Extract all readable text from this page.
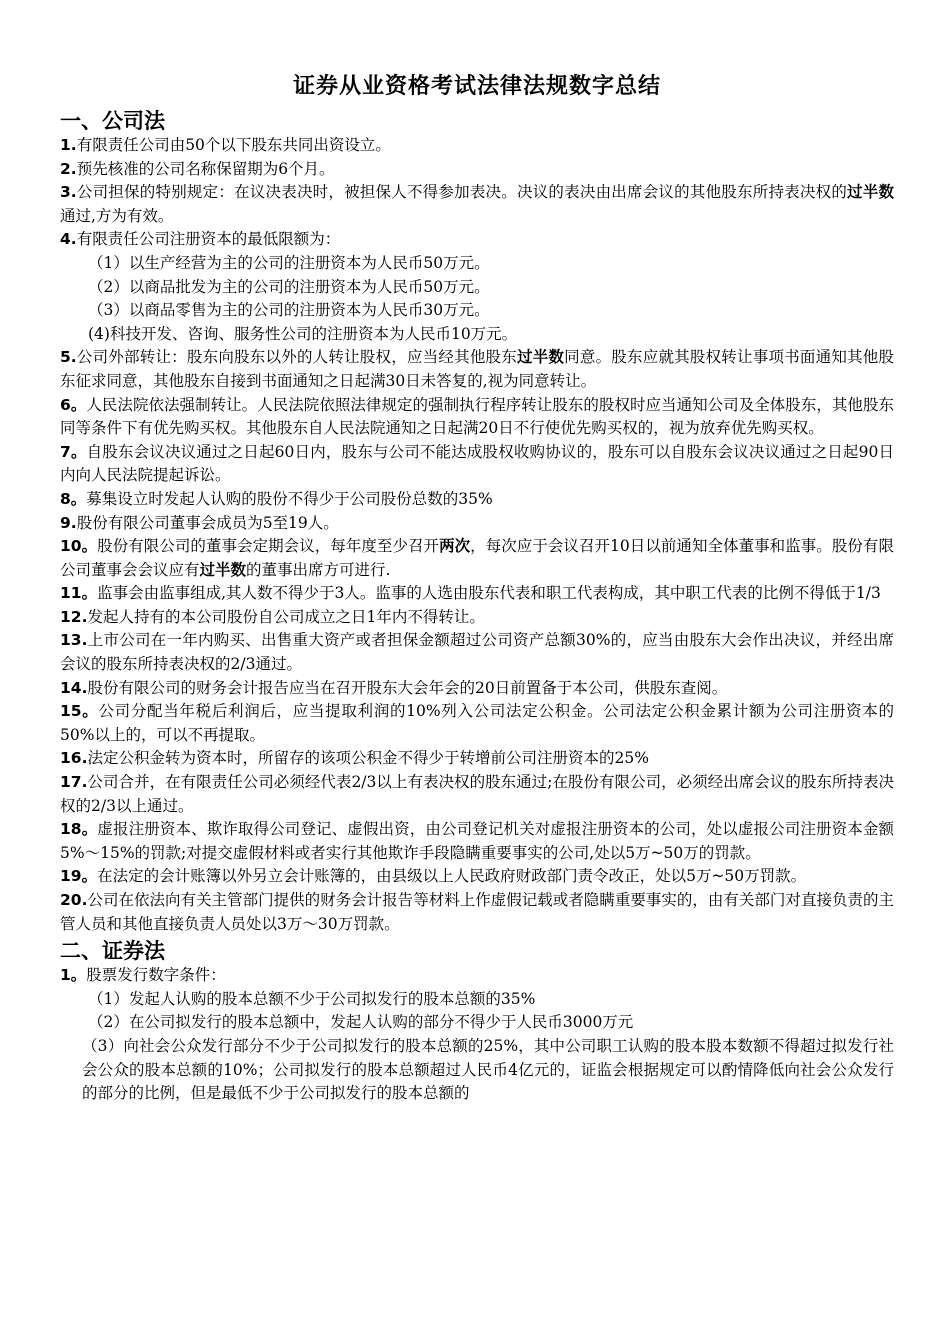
证券从业资格考试法律法规数字总结
一、公司法

1.有限责任公司由50个以下股东共同出资设立。

2.预先核准的公司名称保留期为6个月。

3.公司担保的特别规定：在议决表决时，被担保人不得参加表决。决议的表决由出席会议的其他股东所持表决权的过半数通过,方为有效。

4.有限责任公司注册资本的最低限额为：

（1）以生产经营为主的公司的注册资本为人民币50万元。

（2）以商品批发为主的公司的注册资本为人民币50万元。

（3）以商品零售为主的公司的注册资本为人民币30万元。

(4)科技开发、咨询、服务性公司的注册资本为人民币10万元。

5.公司外部转让：股东向股东以外的人转让股权，应当经其他股东过半数同意。股东应就其股权转让事项书面通知其他股东征求同意，其他股东自接到书面通知之日起满30日未答复的,视为同意转让。

6。人民法院依法强制转让。人民法院依照法律规定的强制执行程序转让股东的股权时应当通知公司及全体股东，其他股东同等条件下有优先购买权。其他股东自人民法院通知之日起满20日不行使优先购买权的，视为放弃优先购买权。

7。自股东会议决议通过之日起60日内，股东与公司不能达成股权收购协议的，股东可以自股东会议决议通过之日起90日内向人民法院提起诉讼。

8。募集设立时发起人认购的股份不得少于公司股份总数的35%

9.股份有限公司董事会成员为5至19人。

10。股份有限公司的董事会定期会议，每年度至少召开两次，每次应于会议召开10日以前通知全体董事和监事。股份有限公司董事会会议应有过半数的董事出席方可进行.

11。监事会由监事组成,其人数不得少于3人。监事的人选由股东代表和职工代表构成，其中职工代表的比例不得低于1/3

12.发起人持有的本公司股份自公司成立之日1年内不得转让。

13.上市公司在一年内购买、出售重大资产或者担保金额超过公司资产总额30%的，应当由股东大会作出决议，并经出席会议的股东所持表决权的2/3通过。

14.股份有限公司的财务会计报告应当在召开股东大会年会的20日前置备于本公司，供股东查阅。

15。公司分配当年税后利润后，应当提取利润的10%列入公司法定公积金。公司法定公积金累计额为公司注册资本的50%以上的，可以不再提取。

16.法定公积金转为资本时，所留存的该项公积金不得少于转增前公司注册资本的25%

17.公司合并，在有限责任公司必须经代表2/3以上有表决权的股东通过;在股份有限公司，必须经出席会议的股东所持表决权的2/3以上通过。

18。虚报注册资本、欺诈取得公司登记、虚假出资，由公司登记机关对虚报注册资本的公司，处以虚报公司注册资本金额5%～15%的罚款;对提交虚假材料或者实行其他欺诈手段隐瞒重要事实的公司,处以5万~50万的罚款。

19。在法定的会计账簿以外另立会计账簿的，由县级以上人民政府财政部门责令改正，处以5万~50万罚款。

20.公司在依法向有关主管部门提供的财务会计报告等材料上作虚假记载或者隐瞒重要事实的，由有关部门对直接负责的主管人员和其他直接负责人员处以3万～30万罚款。

二、证券法

1。股票发行数字条件：

（1）发起人认购的股本总额不少于公司拟发行的股本总额的35%

（2）在公司拟发行的股本总额中，发起人认购的部分不得少于人民币3000万元

（3）向社会公众发行部分不少于公司拟发行的股本总额的25%，其中公司职工认购的股本股本数额不得超过拟发行社会公众的股本总额的10%；公司拟发行的股本总额超过人民币4亿元的，证监会根据规定可以酌情降低向社会公众发行的部分的比例，但是最低不少于公司拟发行的股本总额的
